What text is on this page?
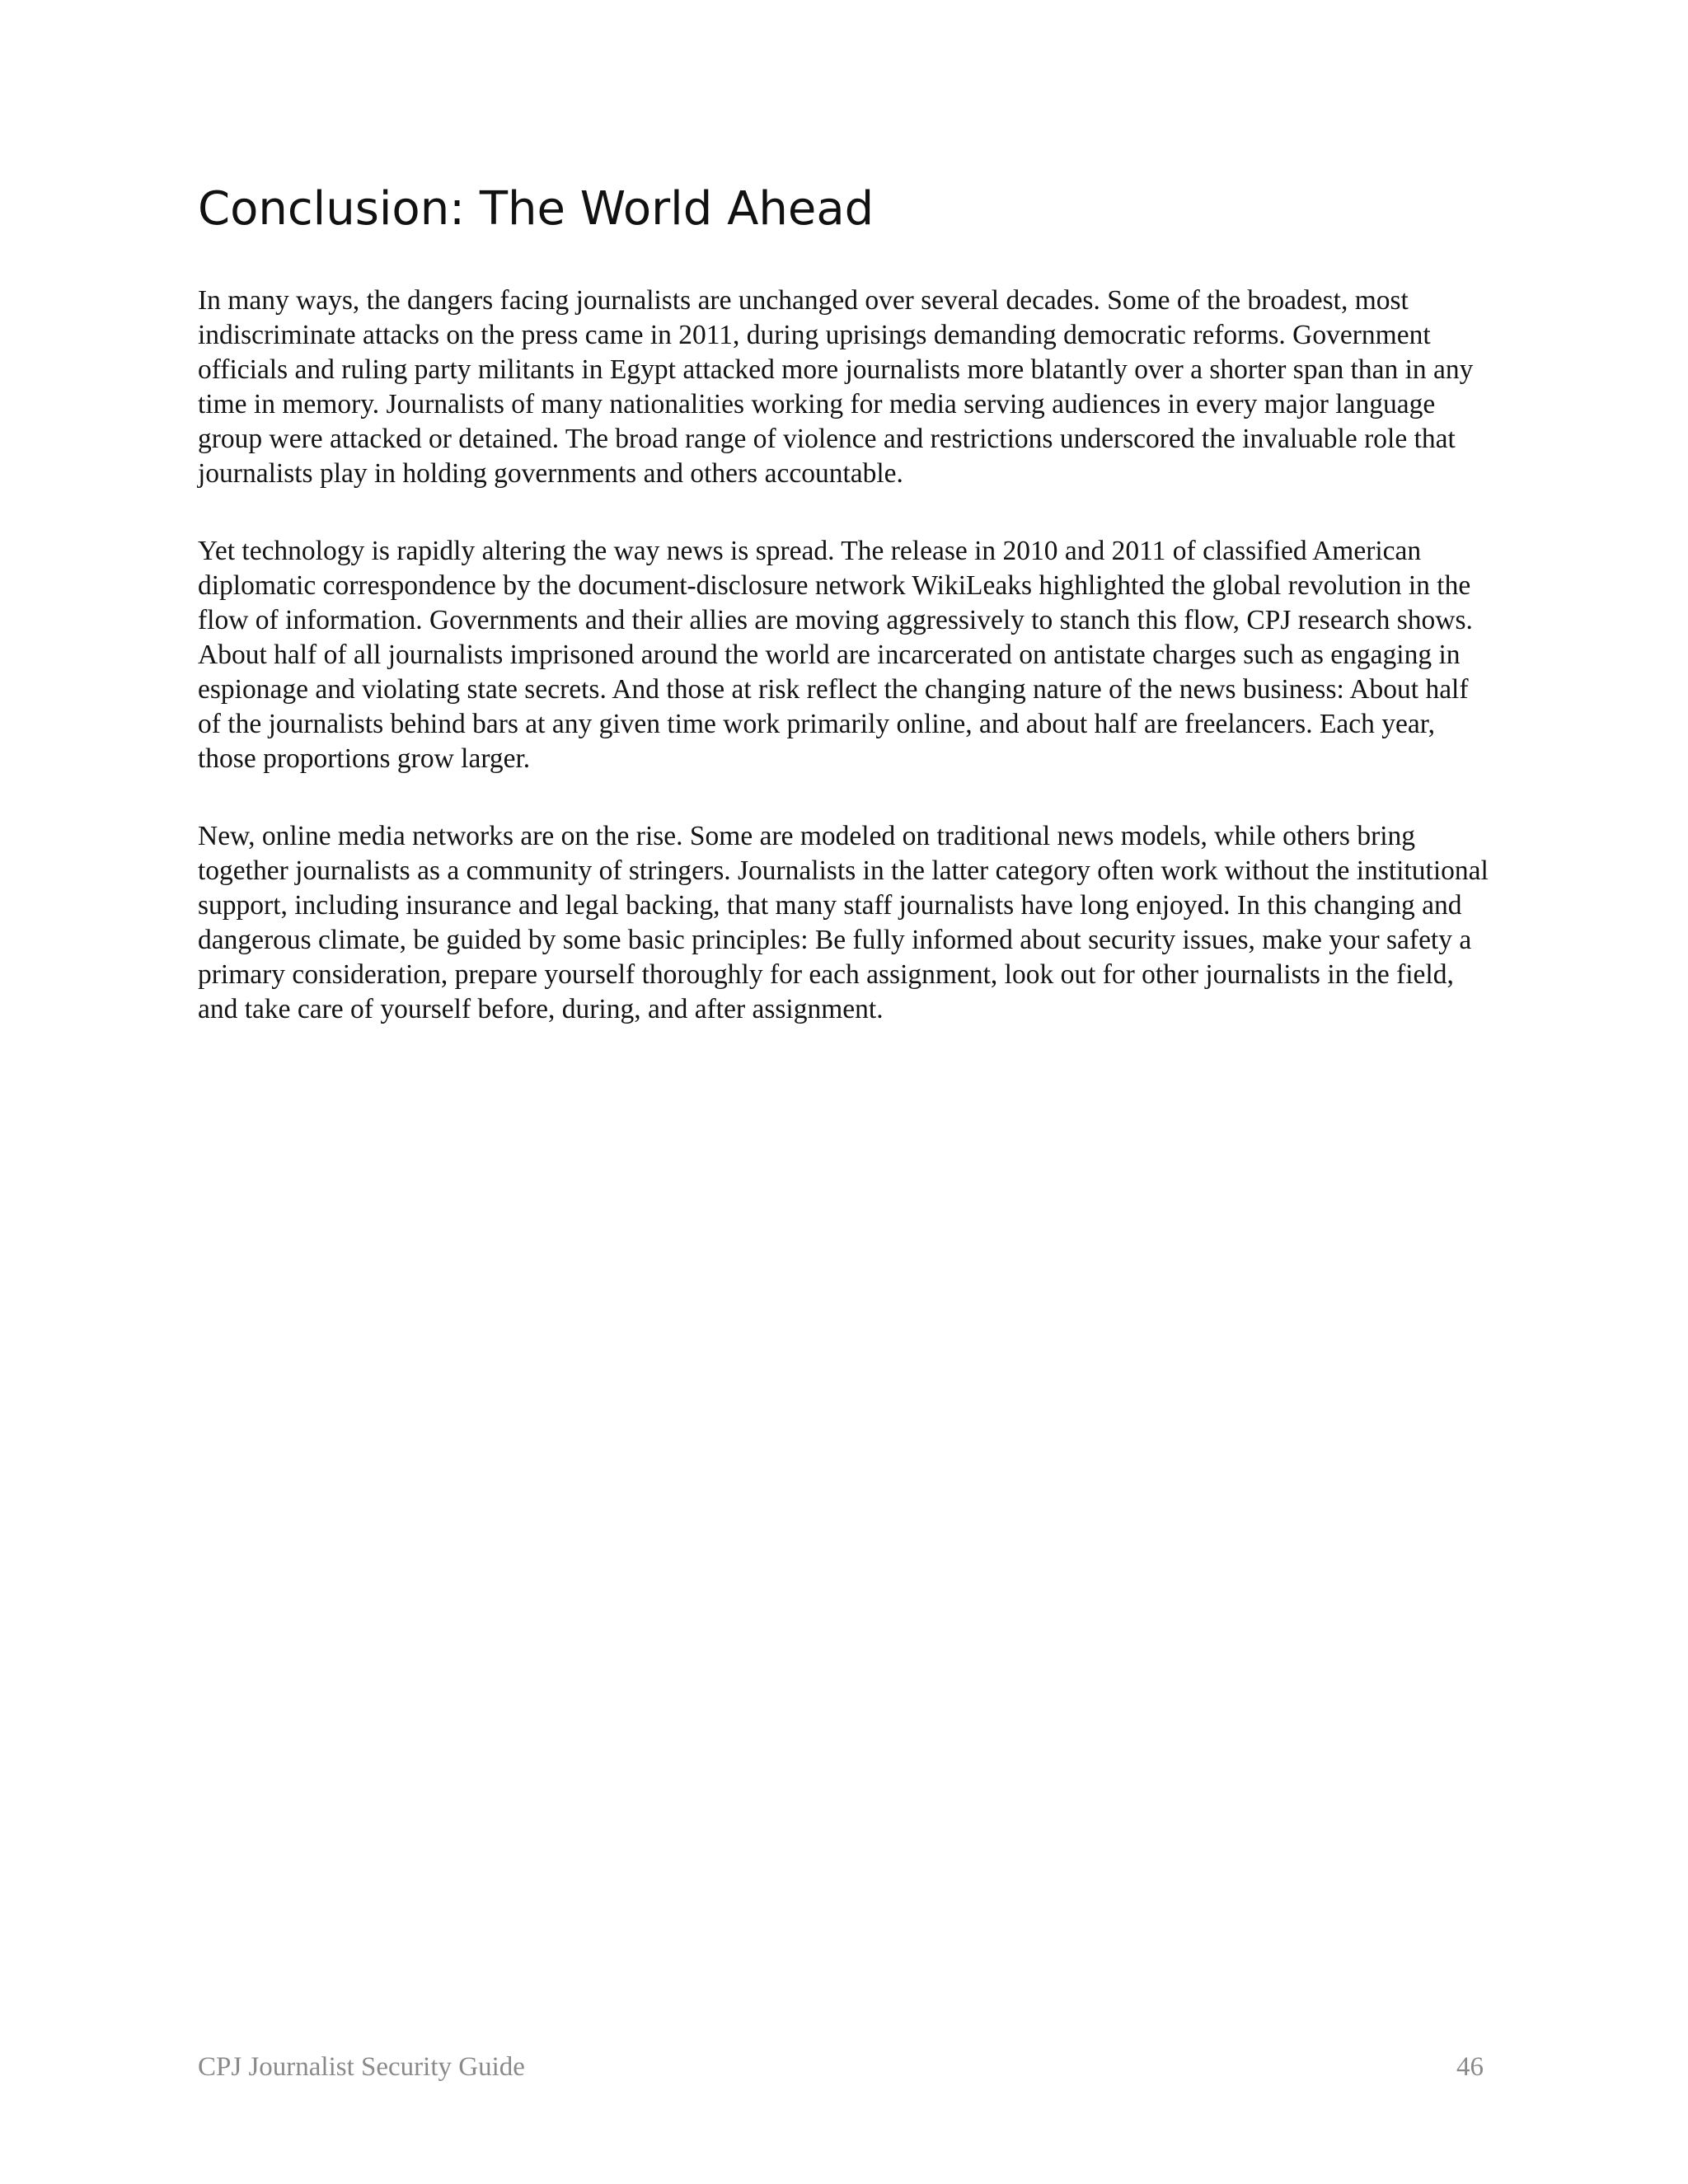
Conclusion: The World Ahead

In many ways, the dangers facing journalists are unchanged over several decades. Some of the broadest, most indiscriminate attacks on the press came in 2011, during uprisings demanding democratic reforms. Government officials and ruling party militants in Egypt attacked more journalists more blatantly over a shorter span than in any time in memory. Journalists of many nationalities working for media serving audiences in every major language group were attacked or detained. The broad range of violence and restrictions underscored the invaluable role that journalists play in holding governments and others accountable.

Yet technology is rapidly altering the way news is spread. The release in 2010 and 2011 of classified American diplomatic correspondence by the document-disclosure network WikiLeaks highlighted the global revolution in the flow of information. Governments and their allies are moving aggressively to stanch this flow, CPJ research shows. About half of all journalists imprisoned around the world are incarcerated on antistate charges such as engaging in espionage and violating state secrets. And those at risk reflect the changing nature of the news business: About half of the journalists behind bars at any given time work primarily online, and about half are freelancers. Each year, those proportions grow larger.

New, online media networks are on the rise. Some are modeled on traditional news models, while others bring together journalists as a community of stringers. Journalists in the latter category often work without the institutional support, including insurance and legal backing, that many staff journalists have long enjoyed. In this changing and dangerous climate, be guided by some basic principles: Be fully informed about security issues, make your safety a primary consideration, prepare yourself thoroughly for each assignment, look out for other journalists in the field, and take care of yourself before, during, and after assignment.

CPJ Journalist Security Guide	46
